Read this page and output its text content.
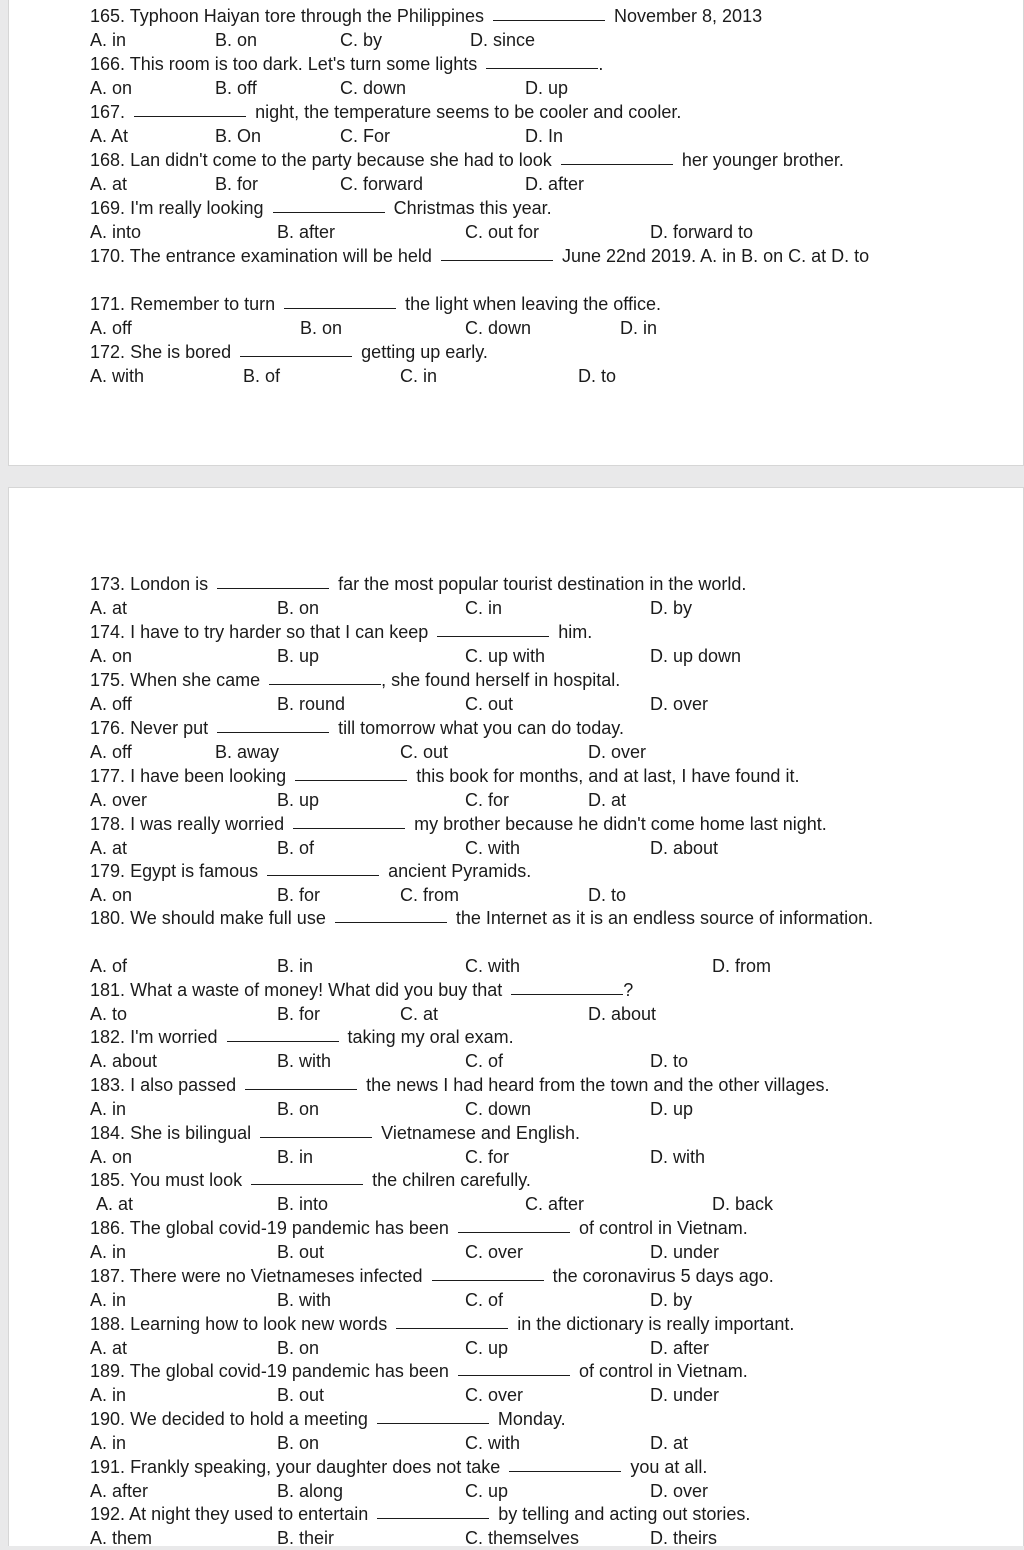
165. Typhoon Haiyan tore through the Philippines	November 8, 2013
A. in	B. on	C. by	D. since
166. This room is too dark. Let's turn some lights	.
A. on	B. off	C. down	D. up
167.	night, the temperature seems to be cooler and cooler.
A. At	B. On	C. For	D. In
168. Lan didn't come to the party because she had to look	her younger brother.
A. at	B. for	C. forward	D. after
169. I'm really looking	Christmas this year.
A. into	B. after	C. out for	D. forward to
170. The entrance examination will be held	June 22nd 2019. A. in B. on C. at D. to
171. Remember to turn	the light when leaving the office.
A. off	B. on	C. down	D. in
172. She is bored	getting up early.
A. with	B. of	C. in	D. to
173. London is	far the most popular tourist destination in the world.
A. at	B. on	C. in	D. by
174. I have to try harder so that I can keep	him.
A. on	B. up	C. up with	D. up down
175. When she came	, she found herself in hospital.
A. off	B. round	C. out	D. over
176. Never put	till tomorrow what you can do today.
A. off	B. away	C. out	D. over
177. I have been looking	this book for months, and at last, I have found it.
A. over	B. up	C. for	D. at
178. I was really worried	my brother because he didn't come home last night.
A. at	B. of	C. with	D. about
179. Egypt is famous	ancient Pyramids.
A. on	B. for	C. from	D. to
180. We should make full use	the Internet as it is an endless source of information.
A. of	B. in	C. with	D. from
181. What a waste of money! What did you buy that	?
A. to	B. for	C. at	D. about
182. I'm worried	taking my oral exam.
A. about	B. with	C. of	D. to
183. I also passed	the news I had heard from the town and the other villages.
A. in	B. on	C. down	D. up
184. She is bilingual	Vietnamese and English.
A. on	B. in	C. for	D. with
185. You must look	the chilren carefully.
A. at	B. into	C. after	D. back
186. The global covid-19 pandemic has been	of control in Vietnam.
A. in	B. out	C. over	D. under
187. There were no Vietnameses infected	the coronavirus 5 days ago.
A. in	B. with	C. of	D. by
188. Learning how to look new words	in the dictionary is really important.
A. at	B. on	C. up	D. after
189. The global covid-19 pandemic has been	of control in Vietnam.
A. in	B. out	C. over	D. under
190. We decided to hold a meeting	Monday.
A. in	B. on	C. with	D. at
191. Frankly speaking, your daughter does not take	you at all.
A. after	B. along	C. up	D. over
192. At night they used to entertain	by telling and acting out stories.
A. them	B. their	C. themselves	D. theirs
